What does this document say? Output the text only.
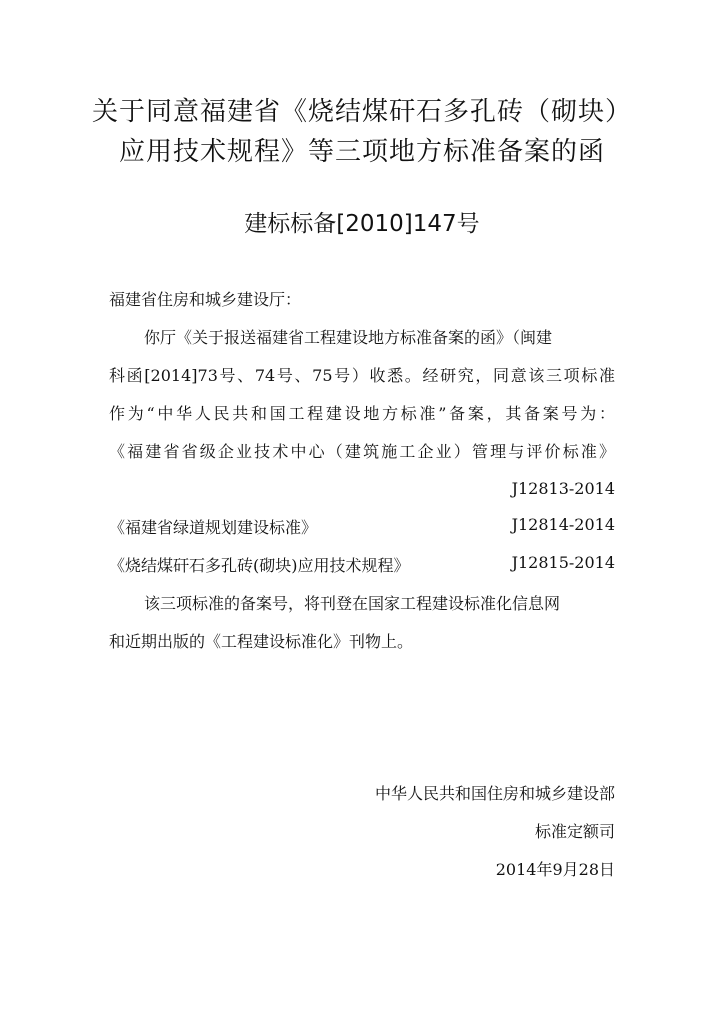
关于同意福建省《烧结煤矸石多孔砖（砌块）
应用技术规程》等三项地方标准备案的函
建标标备[2010]147号
福建省住房和城乡建设厅：
你厅《关于报送福建省工程建设地方标准备案的函》（闽建
科函[2014]73号、74号、75号）收悉。经研究，同意该三项标准
作为“中华人民共和国工程建设地方标准”备案，其备案号为：
《福建省省级企业技术中心（建筑施工企业）管理与评价标准》
J12813-2014
《福建省绿道规划建设标准》	J12814-2014
《烧结煤矸石多孔砖(砌块)应用技术规程》	J12815-2014
该三项标准的备案号，将刊登在国家工程建设标准化信息网
和近期出版的《工程建设标准化》刊物上。
中华人民共和国住房和城乡建设部
标准定额司
2014年9月28日
